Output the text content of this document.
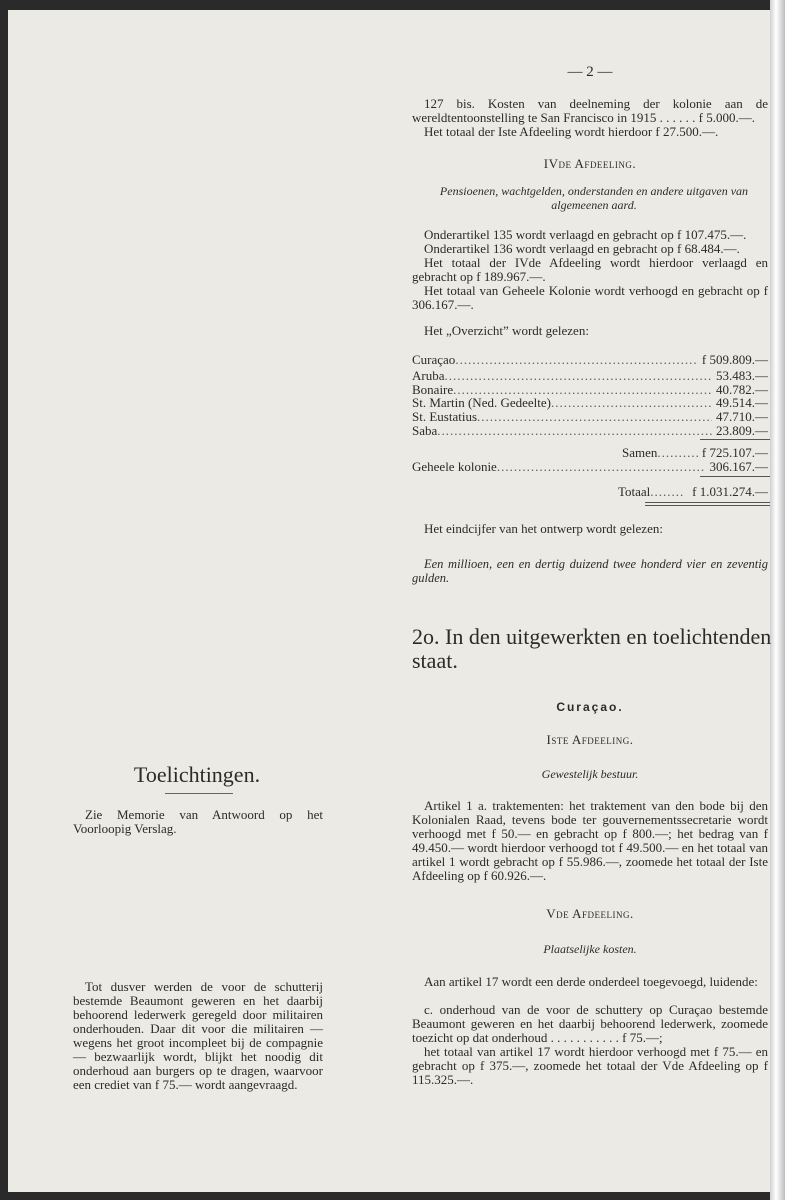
— 2 —

127 bis. Kosten van deelneming der kolonie aan de wereldtentoonstelling te San Francisco in 1915 . . . . . . f 5.000.—.

Het totaal der Iste Afdeeling wordt hierdoor f 27.500.—.

IVde Afdeeling.
Pensioenen, wachtgelden, onderstanden en andere uitgaven van algemeenen aard.

Onderartikel 135 wordt verlaagd en gebracht op f 107.475.—.

Onderartikel 136 wordt verlaagd en gebracht op f 68.484.—.

Het totaal der IVde Afdeeling wordt hierdoor verlaagd en gebracht op f 189.967.—.

Het totaal van Geheele Kolonie wordt verhoogd en gebracht op f 306.167.—.

Het „Overzicht” wordt gelezen:

Curaçao .....	f 509.809.—
Aruba .....	53.483.—
Bonaire .....	40.782.—
St. Martin (Ned. Gedeelte) .....	49.514.—
St. Eustatius .....	47.710.—
Saba .....	23.809.—
Samen .......... f 725.107.—
Geheele kolonie .....	306.167.—
Totaal ........ f 1.031.274.—

Het eindcijfer van het ontwerp wordt gelezen:

Een millioen, een en dertig duizend twee honderd vier en zeventig gulden.

2o. In den uitgewerkten en toelichtenden staat.
Curaçao.
Iste Afdeeling.
Gewestelijk bestuur.

Artikel 1 a. traktementen: het traktement van den bode bij den Kolonialen Raad, tevens bode ter gouvernementssecretarie wordt verhoogd met f 50.— en gebracht op f 800.—; het bedrag van f 49.450.— wordt hierdoor verhoogd tot f 49.500.— en het totaal van artikel 1 wordt gebracht op f 55.986.—, zoomede het totaal der Iste Afdeeling op f 60.926.—.

Vde Afdeeling.
Plaatselijke kosten.

Aan artikel 17 wordt een derde onderdeel toegevoegd, luidende:

c. onderhoud van de voor de schuttery op Curaçao bestemde Beaumont geweren en het daarbij behoorend lederwerk, zoomede toezicht op dat onderhoud . . . . . . . . . . . f 75.—;

het totaal van artikel 17 wordt hierdoor verhoogd met f 75.— en gebracht op f 375.—, zoomede het totaal der Vde Afdeeling op f 115.325.—.

Toelichtingen.

Zie Memorie van Antwoord op het Voorloopig Verslag.

Tot dusver werden de voor de schutterij bestemde Beaumont geweren en het daarbij behoorend lederwerk geregeld door militairen onderhouden. Daar dit voor die militairen — wegens het groot incompleet bij de compagnie — bezwaarlijk wordt, blijkt het noodig dit onderhoud aan burgers op te dragen, waarvoor een crediet van f 75.— wordt aangevraagd.
